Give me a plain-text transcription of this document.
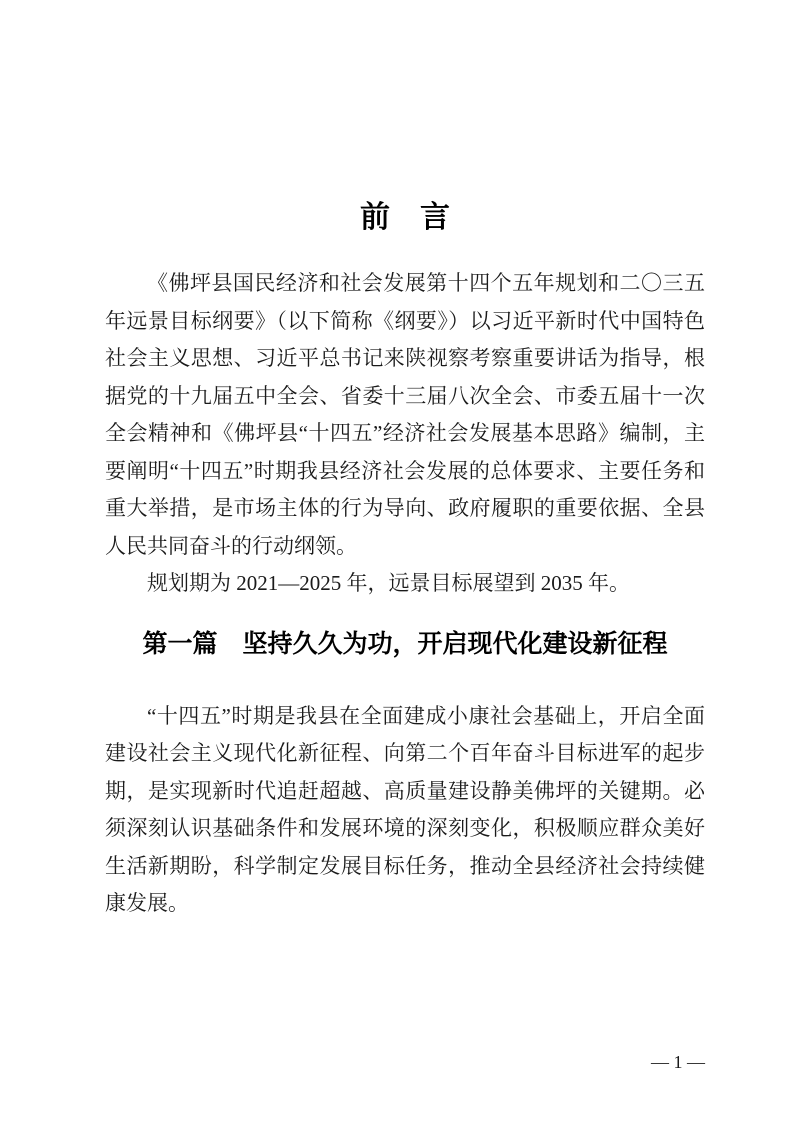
前　言

《佛坪县国民经济和社会发展第十四个五年规划和二〇三五年远景目标纲要》（以下简称《纲要》）以习近平新时代中国特色社会主义思想、习近平总书记来陕视察考察重要讲话为指导，根据党的十九届五中全会、省委十三届八次全会、市委五届十一次全会精神和《佛坪县“十四五”经济社会发展基本思路》编制，主要阐明“十四五”时期我县经济社会发展的总体要求、主要任务和重大举措，是市场主体的行为导向、政府履职的重要依据、全县人民共同奋斗的行动纲领。

规划期为 2021—2025 年，远景目标展望到 2035 年。

第一篇　坚持久久为功，开启现代化建设新征程

“十四五”时期是我县在全面建成小康社会基础上，开启全面建设社会主义现代化新征程、向第二个百年奋斗目标进军的起步期，是实现新时代追赶超越、高质量建设静美佛坪的关键期。必须深刻认识基础条件和发展环境的深刻变化，积极顺应群众美好生活新期盼，科学制定发展目标任务，推动全县经济社会持续健康发展。

— 1 —
